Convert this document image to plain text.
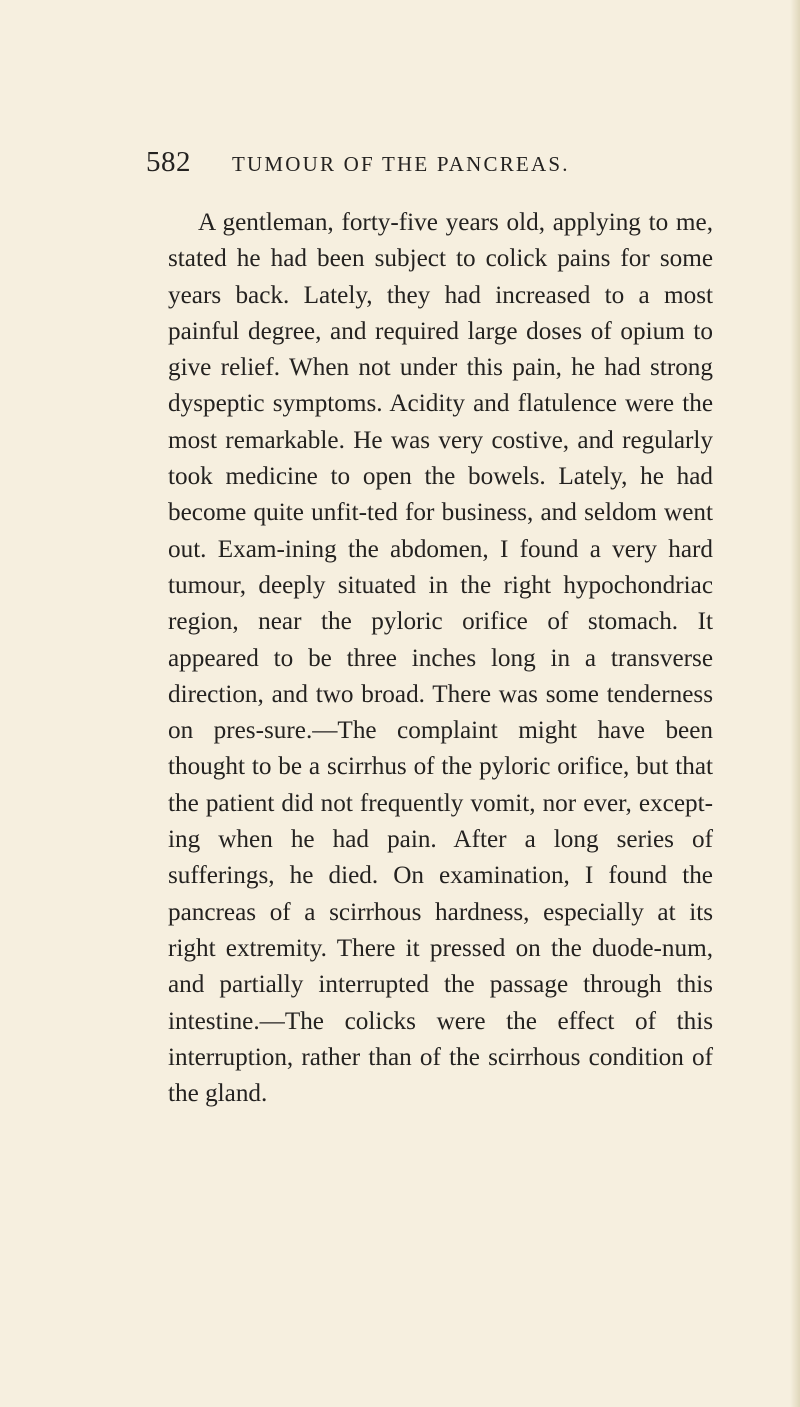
582 TUMOUR OF THE PANCREAS.

A gentleman, forty-five years old, applying to me, stated he had been subject to colick pains for some years back. Lately, they had increased to a most painful degree, and required large doses of opium to give relief. When not under this pain, he had strong dyspeptic symptoms. Acidity and flatulence were the most remarkable. He was very costive, and regularly took medicine to open the bowels. Lately, he had become quite unfit-ted for business, and seldom went out. Exam-ining the abdomen, I found a very hard tumour, deeply situated in the right hypochondriac region, near the pyloric orifice of stomach. It appeared to be three inches long in a transverse direction, and two broad. There was some tenderness on pres-sure.—The complaint might have been thought to be a scirrhus of the pyloric orifice, but that the patient did not frequently vomit, nor ever, except-ing when he had pain. After a long series of sufferings, he died. On examination, I found the pancreas of a scirrhous hardness, especially at its right extremity. There it pressed on the duode-num, and partially interrupted the passage through this intestine.—The colicks were the effect of this interruption, rather than of the scirrhous condition of the gland.
